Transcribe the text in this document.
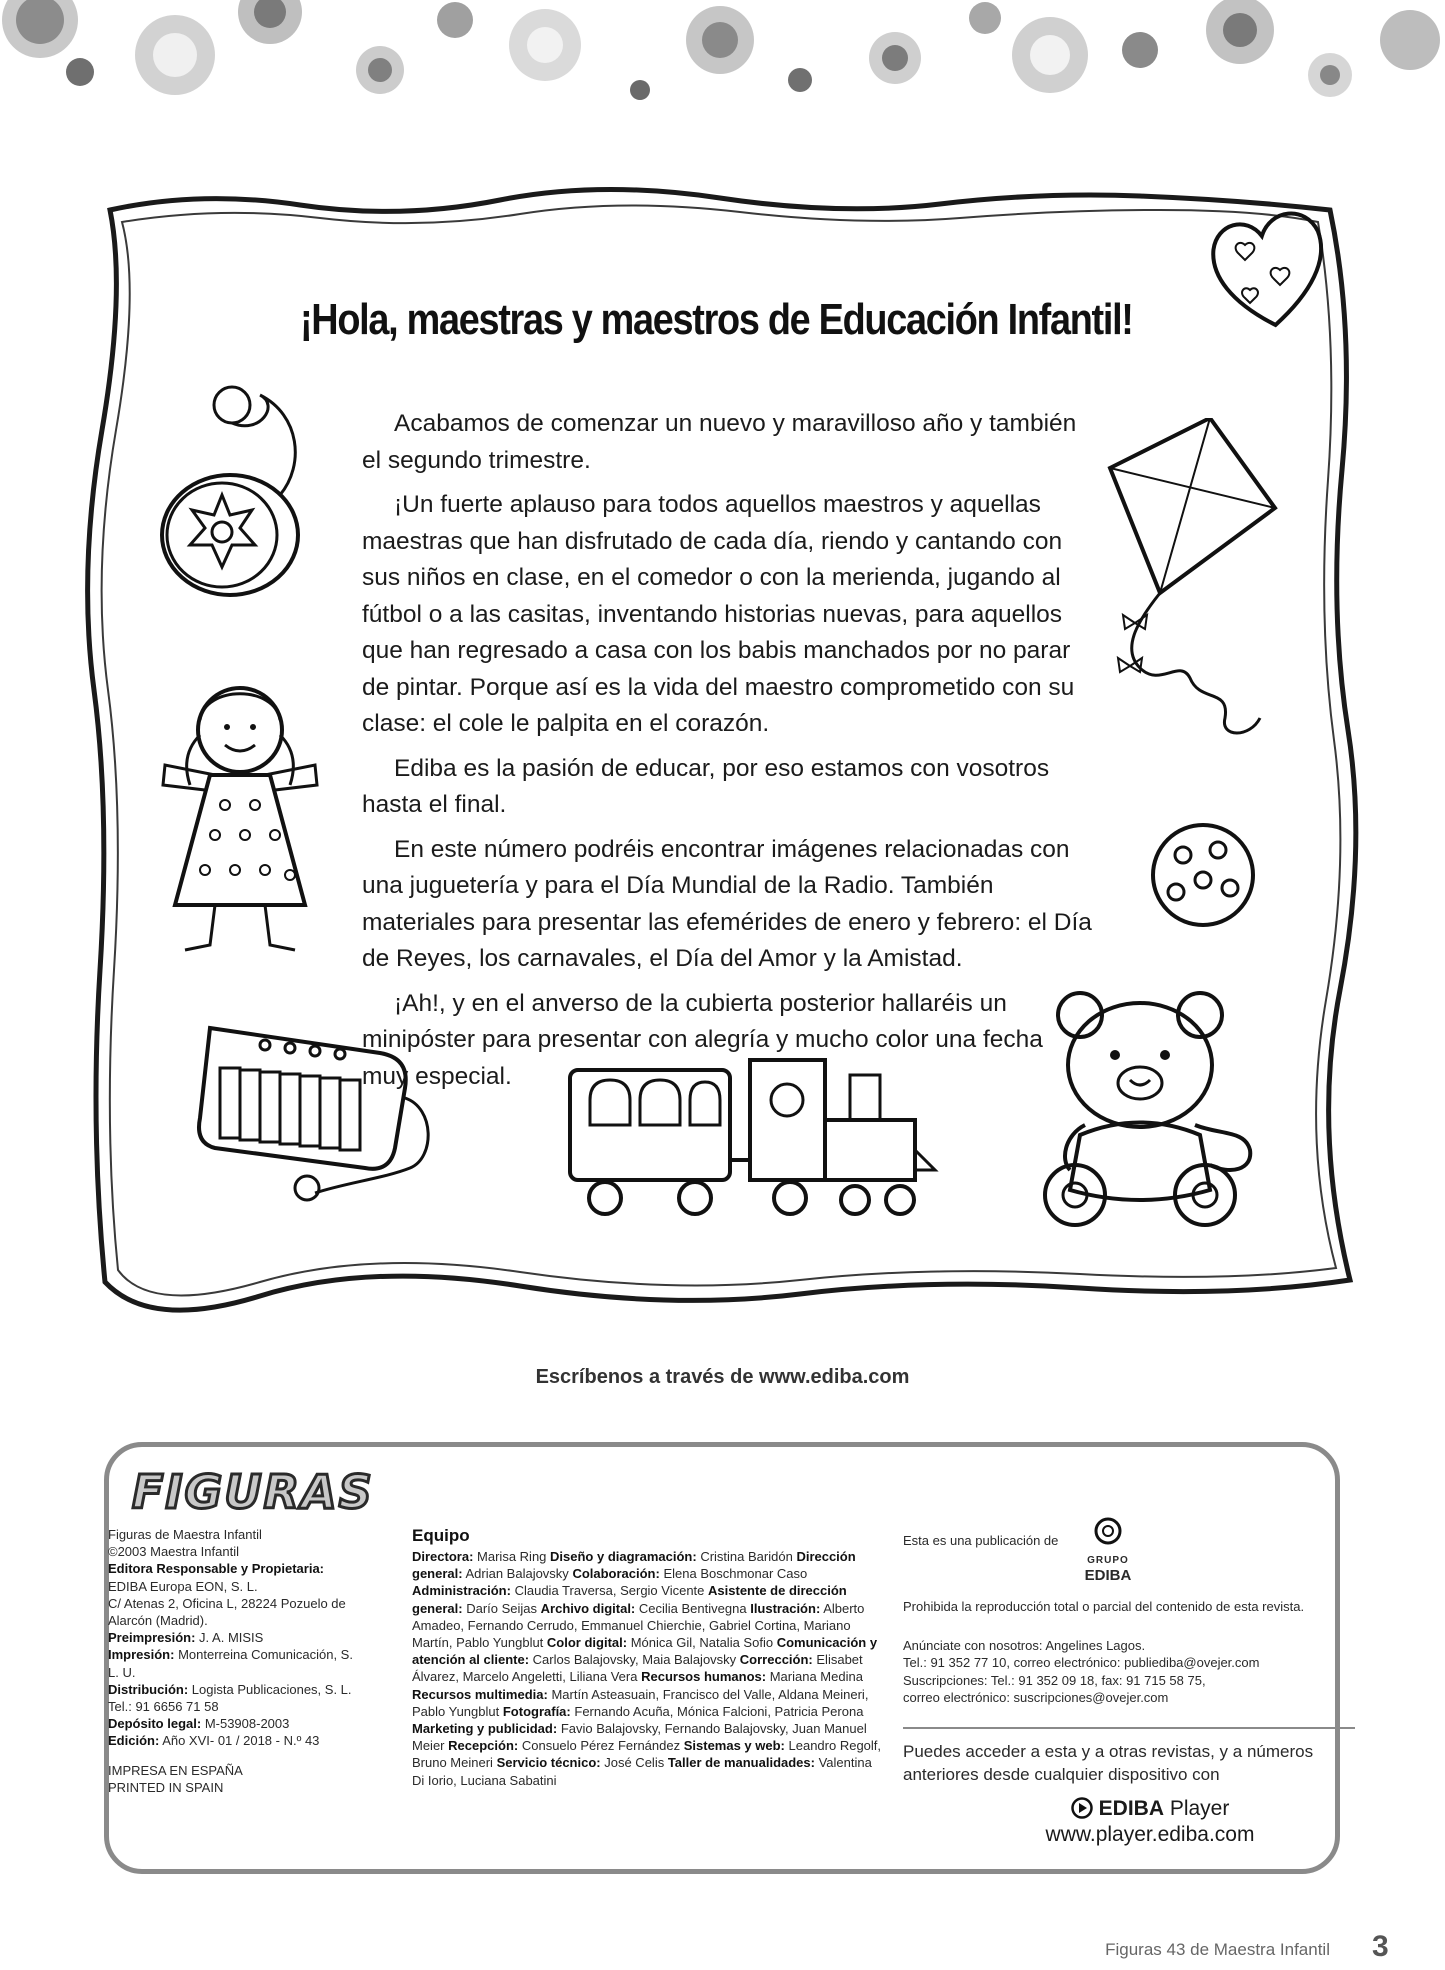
¡Hola, maestras y maestros de Educación Infantil!

Acabamos de comenzar un nuevo y maravilloso año y también el segundo trimestre.

¡Un fuerte aplauso para todos aquellos maestros y aquellas maestras que han disfrutado de cada día, riendo y cantando con sus niños en clase, en el comedor o con la merienda, jugando al fútbol o a las casitas, inventando historias nuevas, para aquellos que han regresado a casa con los babis manchados por no parar de pintar. Porque así es la vida del maestro comprometido con su clase: el cole le palpita en el corazón.

Ediba es la pasión de educar, por eso estamos con vosotros hasta el final.

En este número podréis encontrar imágenes relacionadas con una juguetería y para el Día Mundial de la Radio. También materiales para presentar las efemérides de enero y febrero: el Día de Reyes, los carnavales, el Día del Amor y la Amistad.

¡Ah!, y en el anverso de la cubierta posterior hallaréis un minipóster para presentar con alegría y mucho color una fecha muy especial.

Escríbenos a través de www.ediba.com
FIGURAS
Figuras de Maestra Infantil
©2003 Maestra Infantil
Editora Responsable y Propietaria:
EDIBA Europa EON, S. L.
C/ Atenas 2, Oficina L, 28224 Pozuelo de Alarcón (Madrid).
Preimpresión: J. A. MISIS
Impresión: Monterreina Comunicación, S. L. U.
Distribución: Logista Publicaciones, S. L.
Tel.: 91 6656 71 58
Depósito legal: M-53908-2003
Edición: Año XVI- 01 / 2018 - N.º 43
IMPRESA EN ESPAÑA
PRINTED IN SPAIN
Equipo
Directora: Marisa Ring Diseño y diagramación: Cristina Baridón Dirección general: Adrian Balajovsky Colaboración: Elena Boschmonar Caso Administración: Claudia Traversa, Sergio Vicente Asistente de dirección general: Darío Seijas Archivo digital: Cecilia Bentivegna Ilustración: Alberto Amadeo, Fernando Cerrudo, Emmanuel Chierchie, Gabriel Cortina, Mariano Martín, Pablo Yungblut Color digital: Mónica Gil, Natalia Sofio Comunicación y atención al cliente: Carlos Balajovsky, Maia Balajovsky Corrección: Elisabet Álvarez, Marcelo Angeletti, Liliana Vera Recursos humanos: Mariana Medina Recursos multimedia: Martín Asteasuain, Francisco del Valle, Aldana Meineri, Pablo Yungblut Fotografía: Fernando Acuña, Mónica Falcioni, Patricia Perona Marketing y publicidad: Favio Balajovsky, Fernando Balajovsky, Juan Manuel Meier Recepción: Consuelo Pérez Fernández Sistemas y web: Leandro Regolf, Bruno Meineri Servicio técnico: José Celis Taller de manualidades: Valentina Di Iorio, Luciana Sabatini
Esta es una publicación de
GRUPO
EDIBA
Prohibida la reproducción total o parcial del contenido de esta revista.
Anúnciate con nosotros: Angelines Lagos.
Tel.: 91 352 77 10, correo electrónico: publiediba@ovejer.com
Suscripciones: Tel.: 91 352 09 18, fax: 91 715 58 75,
correo electrónico: suscripciones@ovejer.com
Puedes acceder a esta y a otras revistas, y a números anteriores desde cualquier dispositivo con
EDIBA Player
www.player.ediba.com
Figuras 43 de Maestra Infantil 3
